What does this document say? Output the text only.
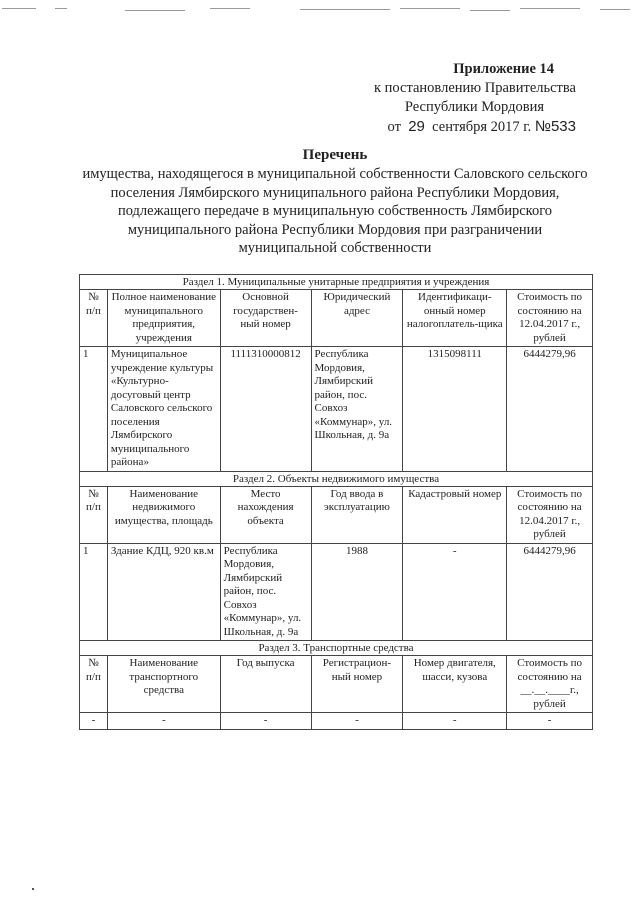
Приложение 14
к постановлению Правительства
Республики Мордовия
от 29 сентября 2017 г. №533
Перечень
имущества, находящегося в муниципальной собственности Саловского сельского поселения Лямбирского муниципального района Республики Мордовия, подлежащего передаче в муниципальную собственность Лямбирского муниципального района Республики Мордовия при разграничении муниципальной собственности
Раздел 1. Муниципальные унитарные предприятия и учреждения					
№ п/п	Полное наименование муниципального предприятия, учреждения	Основной государствен-ный номер	Юридический адрес	Идентификаци-онный номер налогоплатель-щика	Стоимость по состоянию на 12.04.2017 г., рублей
1	Муниципальное учреждение культуры «Культурно-досуговый центр Саловского сельского поселения Лямбирского муниципального района»	1111310000812	Республика Мордовия, Лямбирский район, пос. Совхоз «Коммунар», ул. Школьная, д. 9а	1315098111	6444279,96
Раздел 2. Объекты недвижимого имущества					
№ п/п	Наименование недвижимого имущества, площадь	Место нахождения объекта	Год ввода в эксплуатацию	Кадастровый номер	Стоимость по состоянию на 12.04.2017 г., рублей
1	Здание КДЦ, 920 кв.м	Республика Мордовия, Лямбирский район, пос. Совхоз «Коммунар», ул. Школьная, д. 9а	1988	-	6444279,96
Раздел 3. Транспортные средства					
№ п/п	Наименование транспортного средства	Год выпуска	Регистрацион-ный номер	Номер двигателя, шасси, кузова	Стоимость по состоянию на __.__.____г., рублей
-	-	-	-	-	-
